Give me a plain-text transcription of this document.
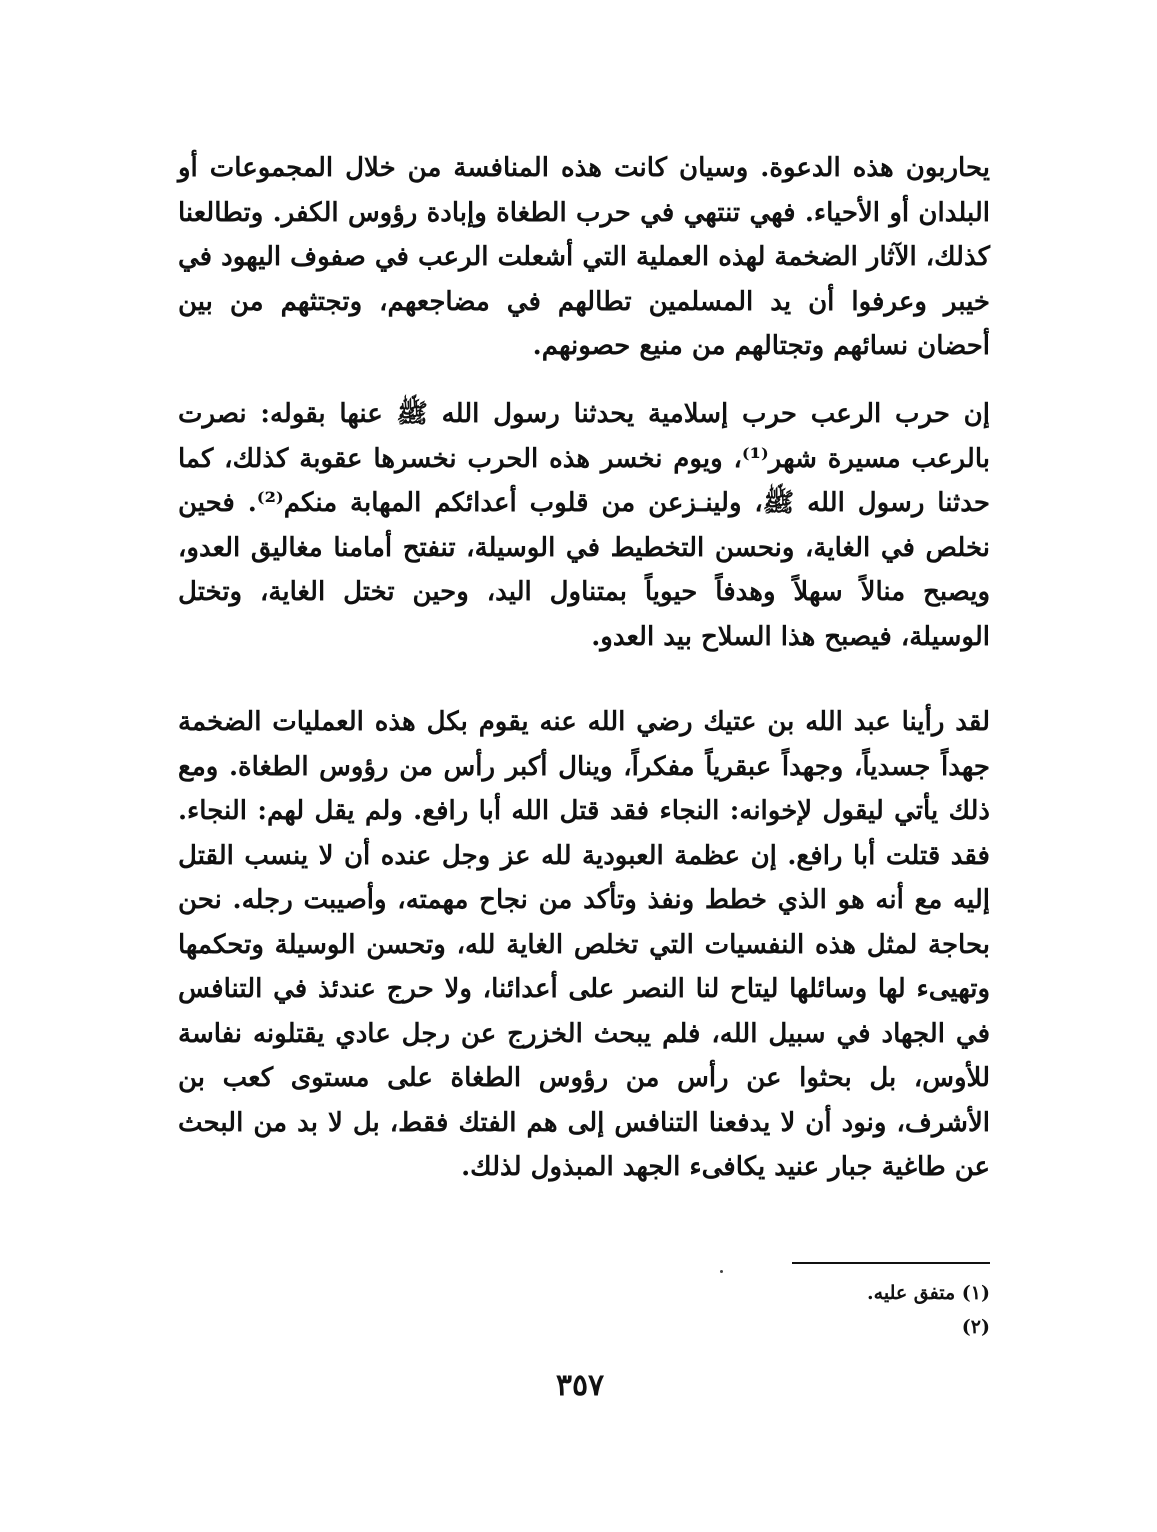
يحاربون هذه الدعوة. وسيان كانت هذه المنافسة من خلال المجموعات أو البلدان أو الأحياء. فهي تنتهي في حرب الطغاة وإبادة رؤوس الكفر. وتطالعنا كذلك، الآثار الضخمة لهذه العملية التي أشعلت الرعب في صفوف اليهود في خيبر وعرفوا أن يد المسلمين تطالهم في مضاجعهم، وتجتثهم من بين أحضان نسائهم وتجتالهم من منيع حصونهم.

إن حرب الرعب حرب إسلامية يحدثنا رسول الله ﷺ عنها بقوله: نصرت بالرعب مسيرة شهر⁽¹⁾، ويوم نخسر هذه الحرب نخسرها عقوبة كذلك، كما حدثنا رسول الله ﷺ، ولينـزعن من قلوب أعدائكم المهابة منكم⁽²⁾. فحين نخلص في الغاية، ونحسن التخطيط في الوسيلة، تنفتح أمامنا مغاليق العدو، ويصبح منالاً سهلاً وهدفاً حيوياً بمتناول اليد، وحين تختل الغاية، وتختل الوسيلة، فيصبح هذا السلاح بيد العدو.

لقد رأينا عبد الله بن عتيك رضي الله عنه يقوم بكل هذه العمليات الضخمة جهداً جسدياً، وجهداً عبقرياً مفكراً، وينال أكبر رأس من رؤوس الطغاة. ومع ذلك يأتي ليقول لإخوانه: النجاء فقد قتل الله أبا رافع. ولم يقل لهم: النجاء. فقد قتلت أبا رافع. إن عظمة العبودية لله عز وجل عنده أن لا ينسب القتل إليه مع أنه هو الذي خطط ونفذ وتأكد من نجاح مهمته، وأصيبت رجله. نحن بحاجة لمثل هذه النفسيات التي تخلص الغاية لله، وتحسن الوسيلة وتحكمها وتهيىء لها وسائلها ليتاح لنا النصر على أعدائنا، ولا حرج عندئذ في التنافس في الجهاد في سبيل الله، فلم يبحث الخزرج عن رجل عادي يقتلونه نفاسة للأوس، بل بحثوا عن رأس من رؤوس الطغاة على مستوى كعب بن الأشرف، ونود أن لا يدفعنا التنافس إلى هم الفتك فقط، بل لا بد من البحث عن طاغية جبار عنيد يكافىء الجهد المبذول لذلك.

(١) متفق عليه.
(٢)
٣٥٧
